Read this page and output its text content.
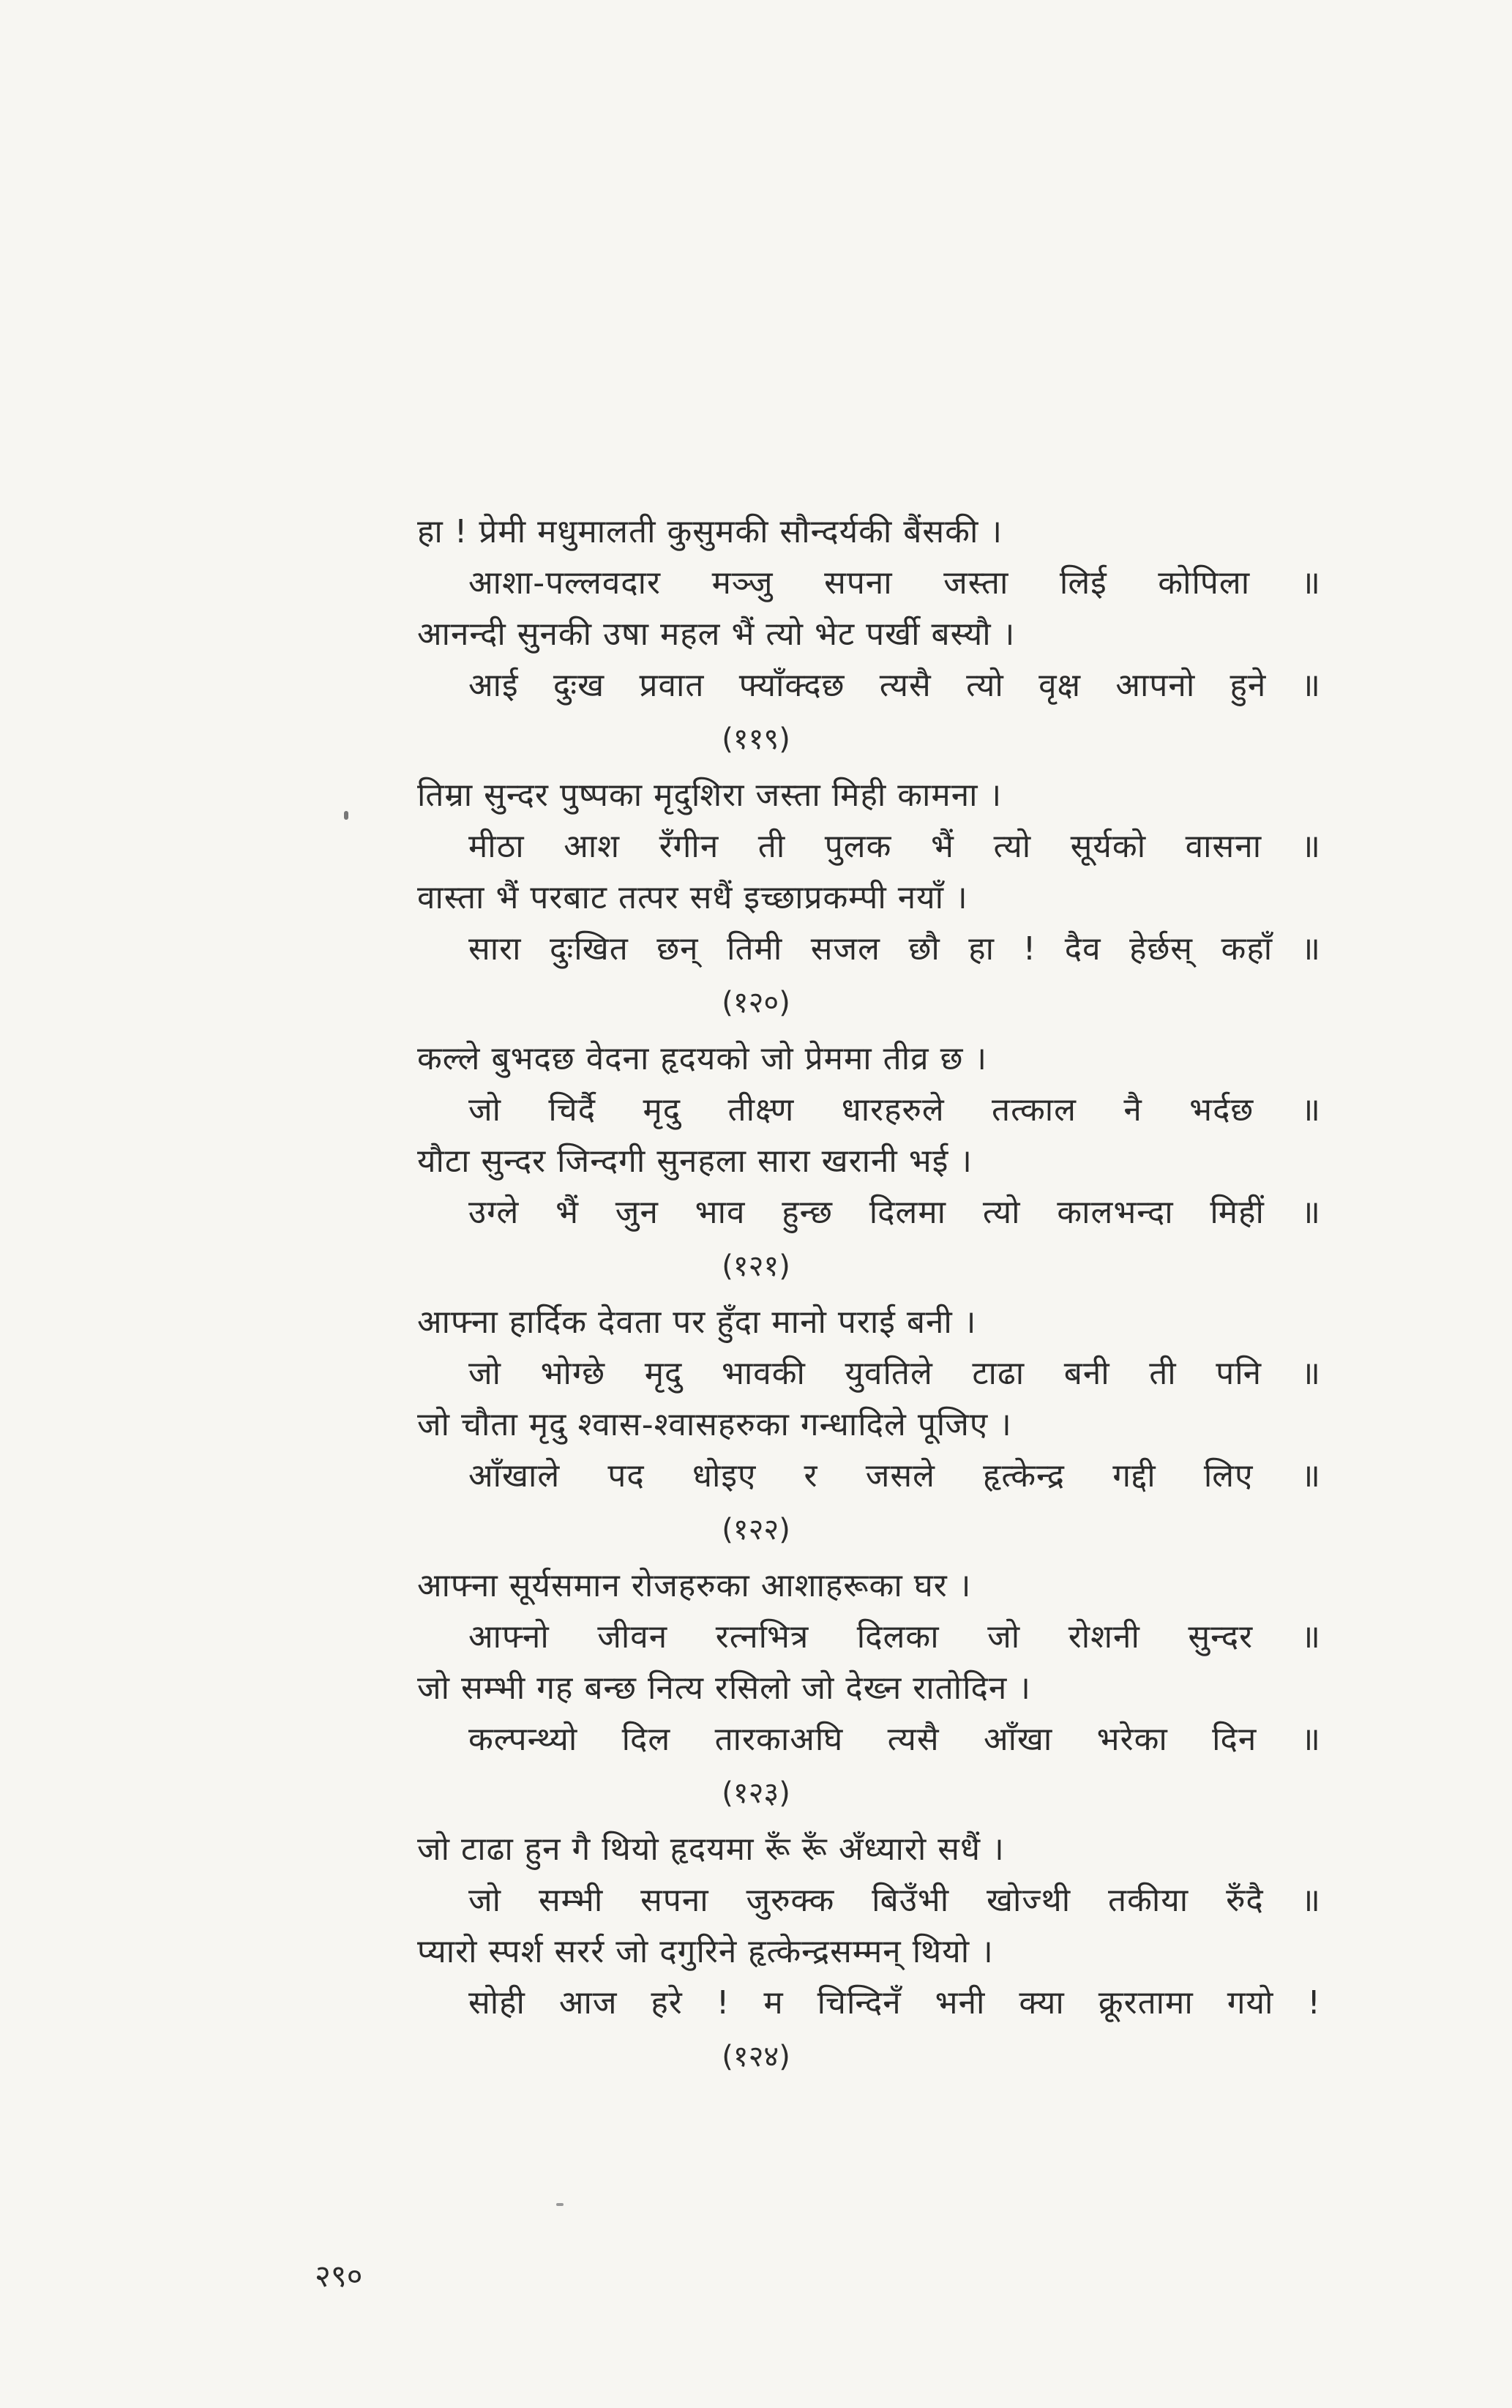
हा ! प्रेमी मधुमालती कुसुमकी सौन्दर्यकी बैंसकी ।
आशा-पल्लवदार मञ्जु सपना जस्ता लिई कोपिला ॥
आनन्दी सुनकी उषा महल भैं त्यो भेट पर्खी बस्यौ ।
आई दुःख प्रवात फ्याँक्दछ त्यसै त्यो वृक्ष आपनो हुने ॥
(११९)
तिम्रा सुन्दर पुष्पका मृदुशिरा जस्ता मिही कामना ।
मीठा आश रँगीन ती पुलक भैं त्यो सूर्यको वासना ॥
वास्ता भैं परबाट तत्पर सधैं इच्छाप्रकम्पी नयाँ ।
सारा दुःखित छन् तिमी सजल छौ हा ! दैव हेर्छस् कहाँ ॥
(१२०)
कल्ले बुभदछ वेदना हृदयको जो प्रेममा तीव्र छ ।
जो चिर्दै मृदु तीक्ष्ण धारहरुले तत्काल नै भर्दछ ॥
यौटा सुन्दर जिन्दगी सुनहला सारा खरानी भई ।
उग्ले भैं जुन भाव हुन्छ दिलमा त्यो कालभन्दा मिहीं ॥
(१२१)
आफ्ना हार्दिक देवता पर हुँदा मानो पराई बनी ।
जो भोग्छे मृदु भावकी युवतिले टाढा बनी ती पनि ॥
जो चौता मृदु श्वास-श्वासहरुका गन्धादिले पूजिए ।
आँखाले पद धोइए र जसले हृत्केन्द्र गद्दी लिए ॥
(१२२)
आफ्ना सूर्यसमान रोजहरुका आशाहरूका घर ।
आफ्नो जीवन रत्नभित्र दिलका जो रोशनी सुन्दर ॥
जो सम्भी गह बन्छ नित्य रसिलो जो देख्न रातोदिन ।
कल्पन्थ्यो दिल तारकाअघि त्यसै आँखा भरेका दिन ॥
(१२३)
जो टाढा हुन गै थियो हृदयमा रूँ रूँ अँध्यारो सधैं ।
जो सम्भी सपना जुरुक्क बिउँभी खोज्थी तकीया रुँदै ॥
प्यारो स्पर्श सरर्र जो दगुरिने हृत्केन्द्रसम्मन् थियो ।
सोही आज हरे ! म चिन्दिनँ भनी क्या क्रूरतामा गयो !
(१२४)
२९०
